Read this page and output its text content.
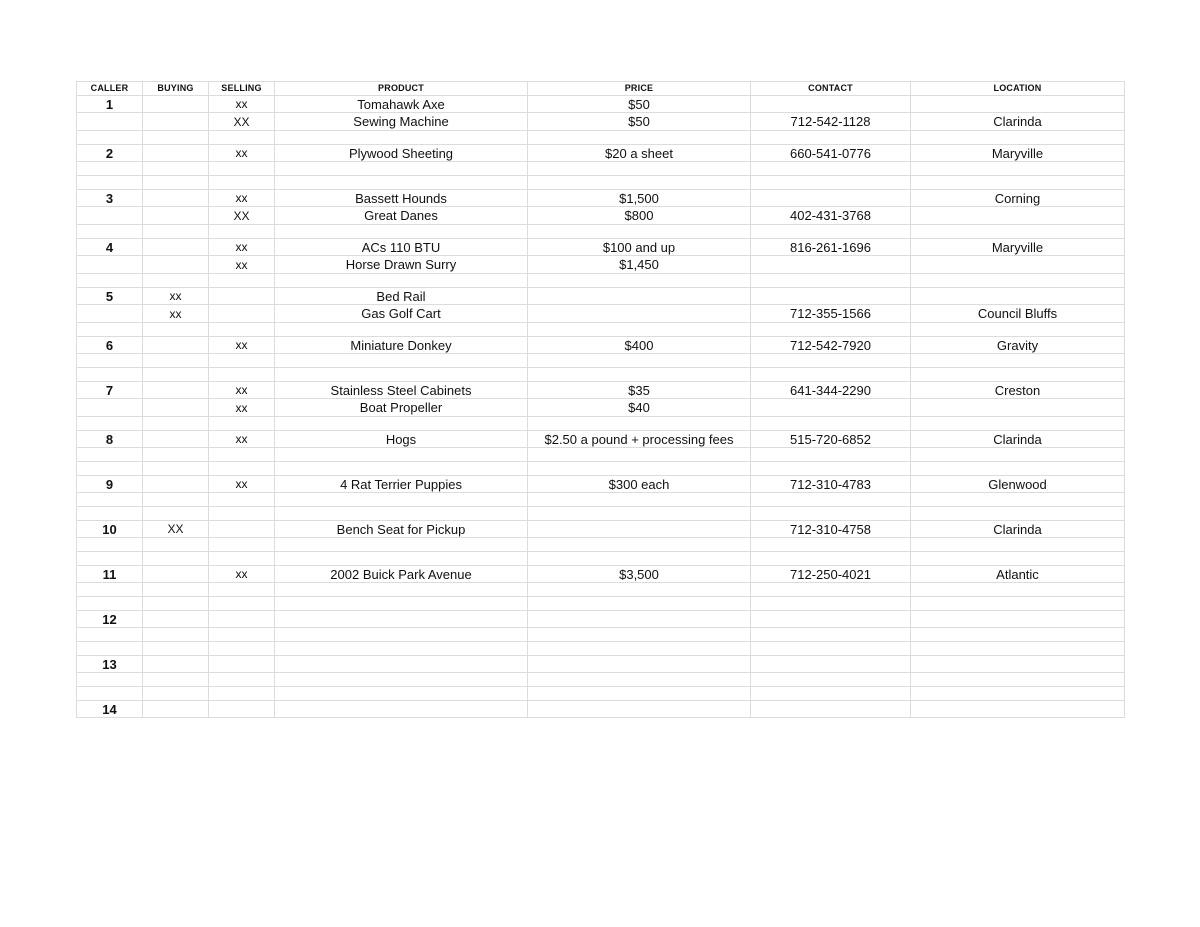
CALLER	BUYING	SELLING	PRODUCT	PRICE	CONTACT	LOCATION
1		xx	Tomahawk Axe	$50		
		XX	Sewing Machine	$50	712-542-1128	Clarinda

2		xx	Plywood Sheeting	$20 a sheet	660-541-0776	Maryville

3		xx	Bassett Hounds	$1,500		Corning
		XX	Great Danes	$800	402-431-3768	

4		xx	ACs 110 BTU	$100 and up	816-261-1696	Maryville
		xx	Horse Drawn Surry	$1,450		

5	xx		Bed Rail			
	xx		Gas Golf Cart		712-355-1566	Council Bluffs

6		xx	Miniature Donkey	$400	712-542-7920	Gravity

7		xx	Stainless Steel Cabinets	$35	641-344-2290	Creston
		xx	Boat Propeller	$40		

8		xx	Hogs	$2.50 a pound + processing fees	515-720-6852	Clarinda

9		xx	4 Rat Terrier Puppies	$300 each	712-310-4783	Glenwood

10	XX		Bench Seat for Pickup		712-310-4758	Clarinda

11		xx	2002 Buick Park Avenue	$3,500	712-250-4021	Atlantic

12						

13						

14						
